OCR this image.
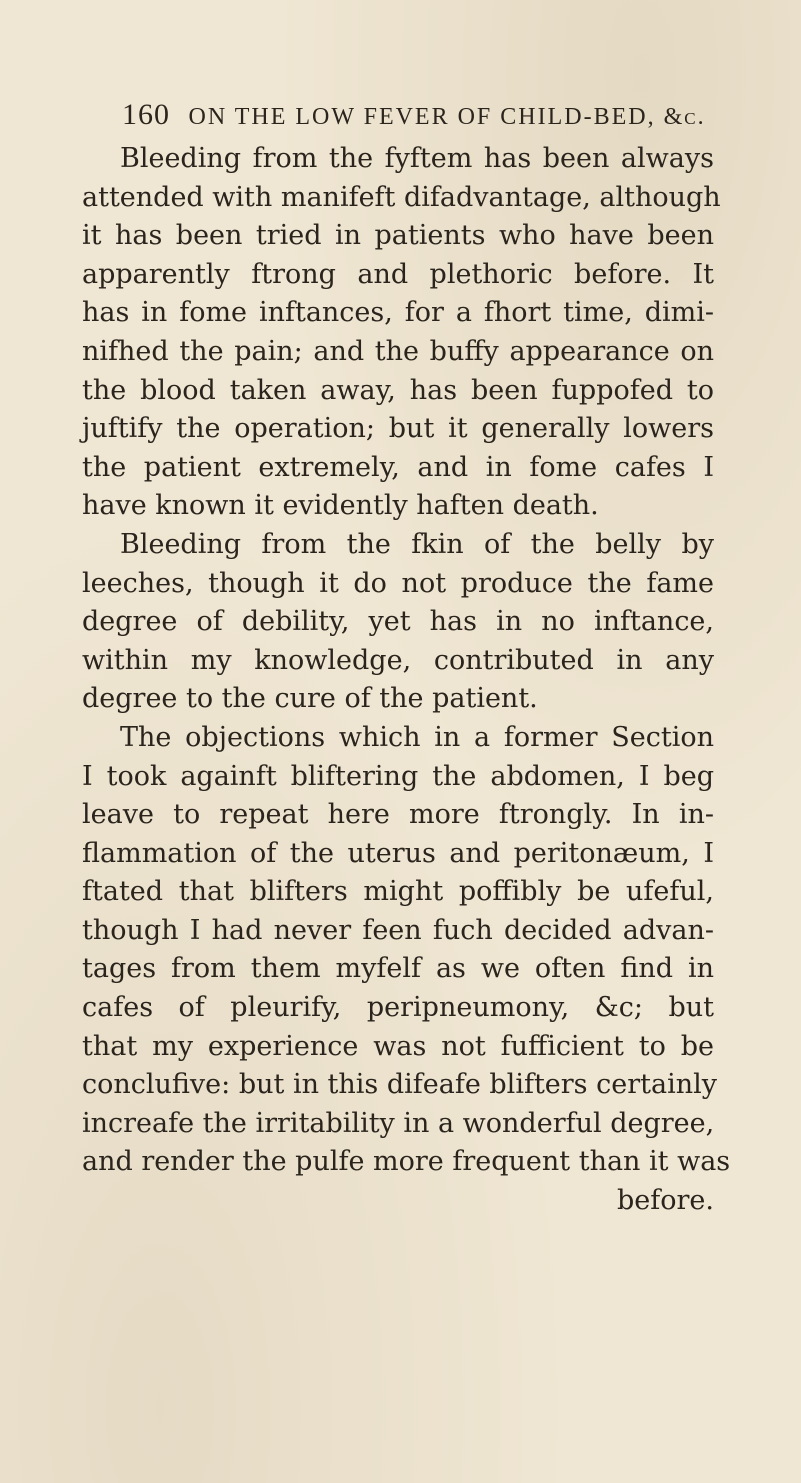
160 ON THE LOW FEVER OF CHILD-BED, &c.
Bleeding from the fyftem has been always
attended with manifeft difadvantage, although
it has been tried in patients who have been
apparently ftrong and plethoric before. It
has in fome inftances, for a fhort time, dimi-
nifhed the pain; and the buffy appearance on
the blood taken away, has been fuppofed to
juftify the operation; but it generally lowers
the patient extremely, and in fome cafes I
have known it evidently haften death.
Bleeding from the fkin of the belly by
leeches, though it do not produce the fame
degree of debility, yet has in no inftance,
within my knowledge, contributed in any
degree to the cure of the patient.
The objections which in a former Section
I took againft bliftering the abdomen, I beg
leave to repeat here more ftrongly. In in-
flammation of the uterus and peritonæum, I
ftated that blifters might poffibly be ufeful,
though I had never feen fuch decided advan-
tages from them myfelf as we often find in
cafes of pleurify, peripneumony, &c; but
that my experience was not fufficient to be
conclufive: but in this difeafe blifters certainly
increafe the irritability in a wonderful degree,
and render the pulfe more frequent than it was
before.
